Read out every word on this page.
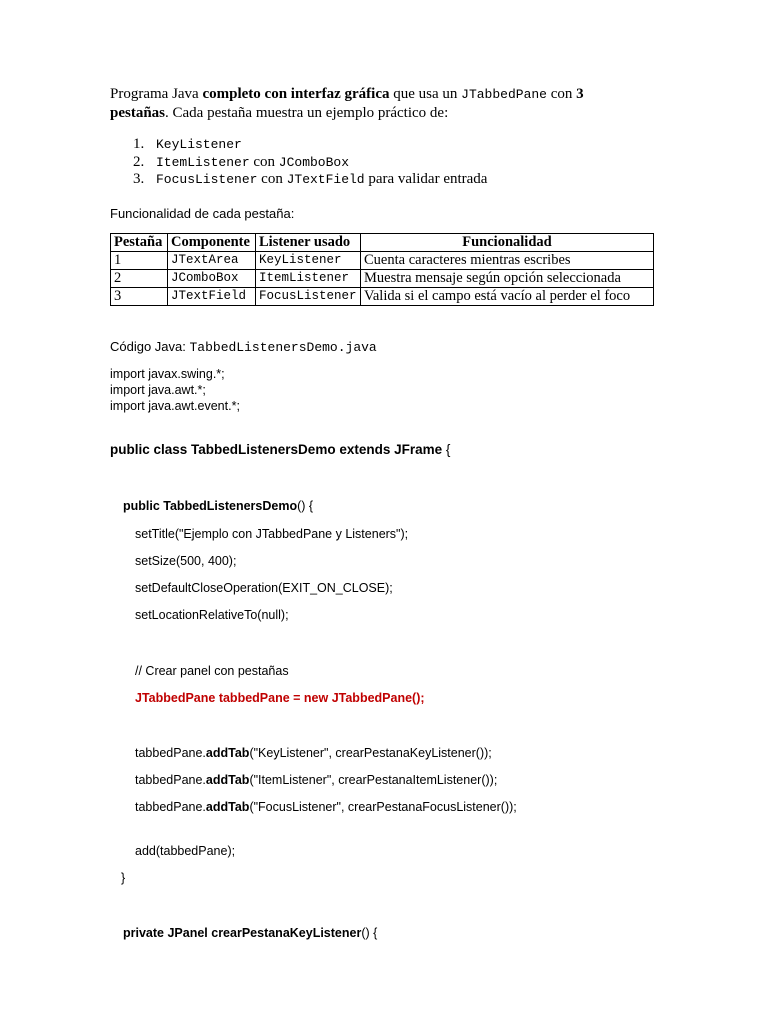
Programa Java completo con interfaz gráfica que usa un JTabbedPane con 3 pestañas. Cada pestaña muestra un ejemplo práctico de:
1. KeyListener
2. ItemListener con JComboBox
3. FocusListener con JTextField para validar entrada
Funcionalidad de cada pestaña:
Pestaña	Componente	Listener usado	Funcionalidad
1	JTextArea	KeyListener	Cuenta caracteres mientras escribes
2	JComboBox	ItemListener	Muestra mensaje según opción seleccionada
3	JTextField	FocusListener	Valida si el campo está vacío al perder el foco
Código Java: TabbedListenersDemo.java
import javax.swing.*;
import java.awt.*;
import java.awt.event.*;
public class TabbedListenersDemo extends JFrame {
public TabbedListenersDemo() {
setTitle("Ejemplo con JTabbedPane y Listeners");
setSize(500, 400);
setDefaultCloseOperation(EXIT_ON_CLOSE);
setLocationRelativeTo(null);
// Crear panel con pestañas
JTabbedPane tabbedPane = new JTabbedPane();
tabbedPane.addTab("KeyListener", crearPestanaKeyListener());
tabbedPane.addTab("ItemListener", crearPestanaItemListener());
tabbedPane.addTab("FocusListener", crearPestanaFocusListener());
add(tabbedPane);
}
private JPanel crearPestanaKeyListener() {
